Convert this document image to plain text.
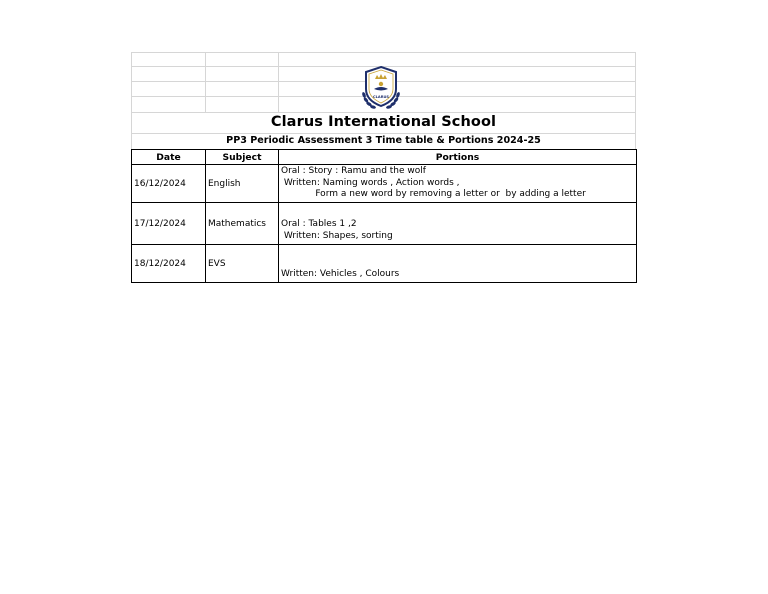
CLARUS
Clarus International School
PP3 Periodic Assessment 3 Time table & Portions 2024-25
Date	Subject	Portions
16/12/2024	English	Oral : Story : Ramu and the wolf
Written: Naming words , Action words ,
Form a new word by removing a letter or  by adding a letter

17/12/2024	Mathematics	Oral : Tables 1 ,2
Written: Shapes, sorting

18/12/2024	EVS	Written: Vehicles , Colours
